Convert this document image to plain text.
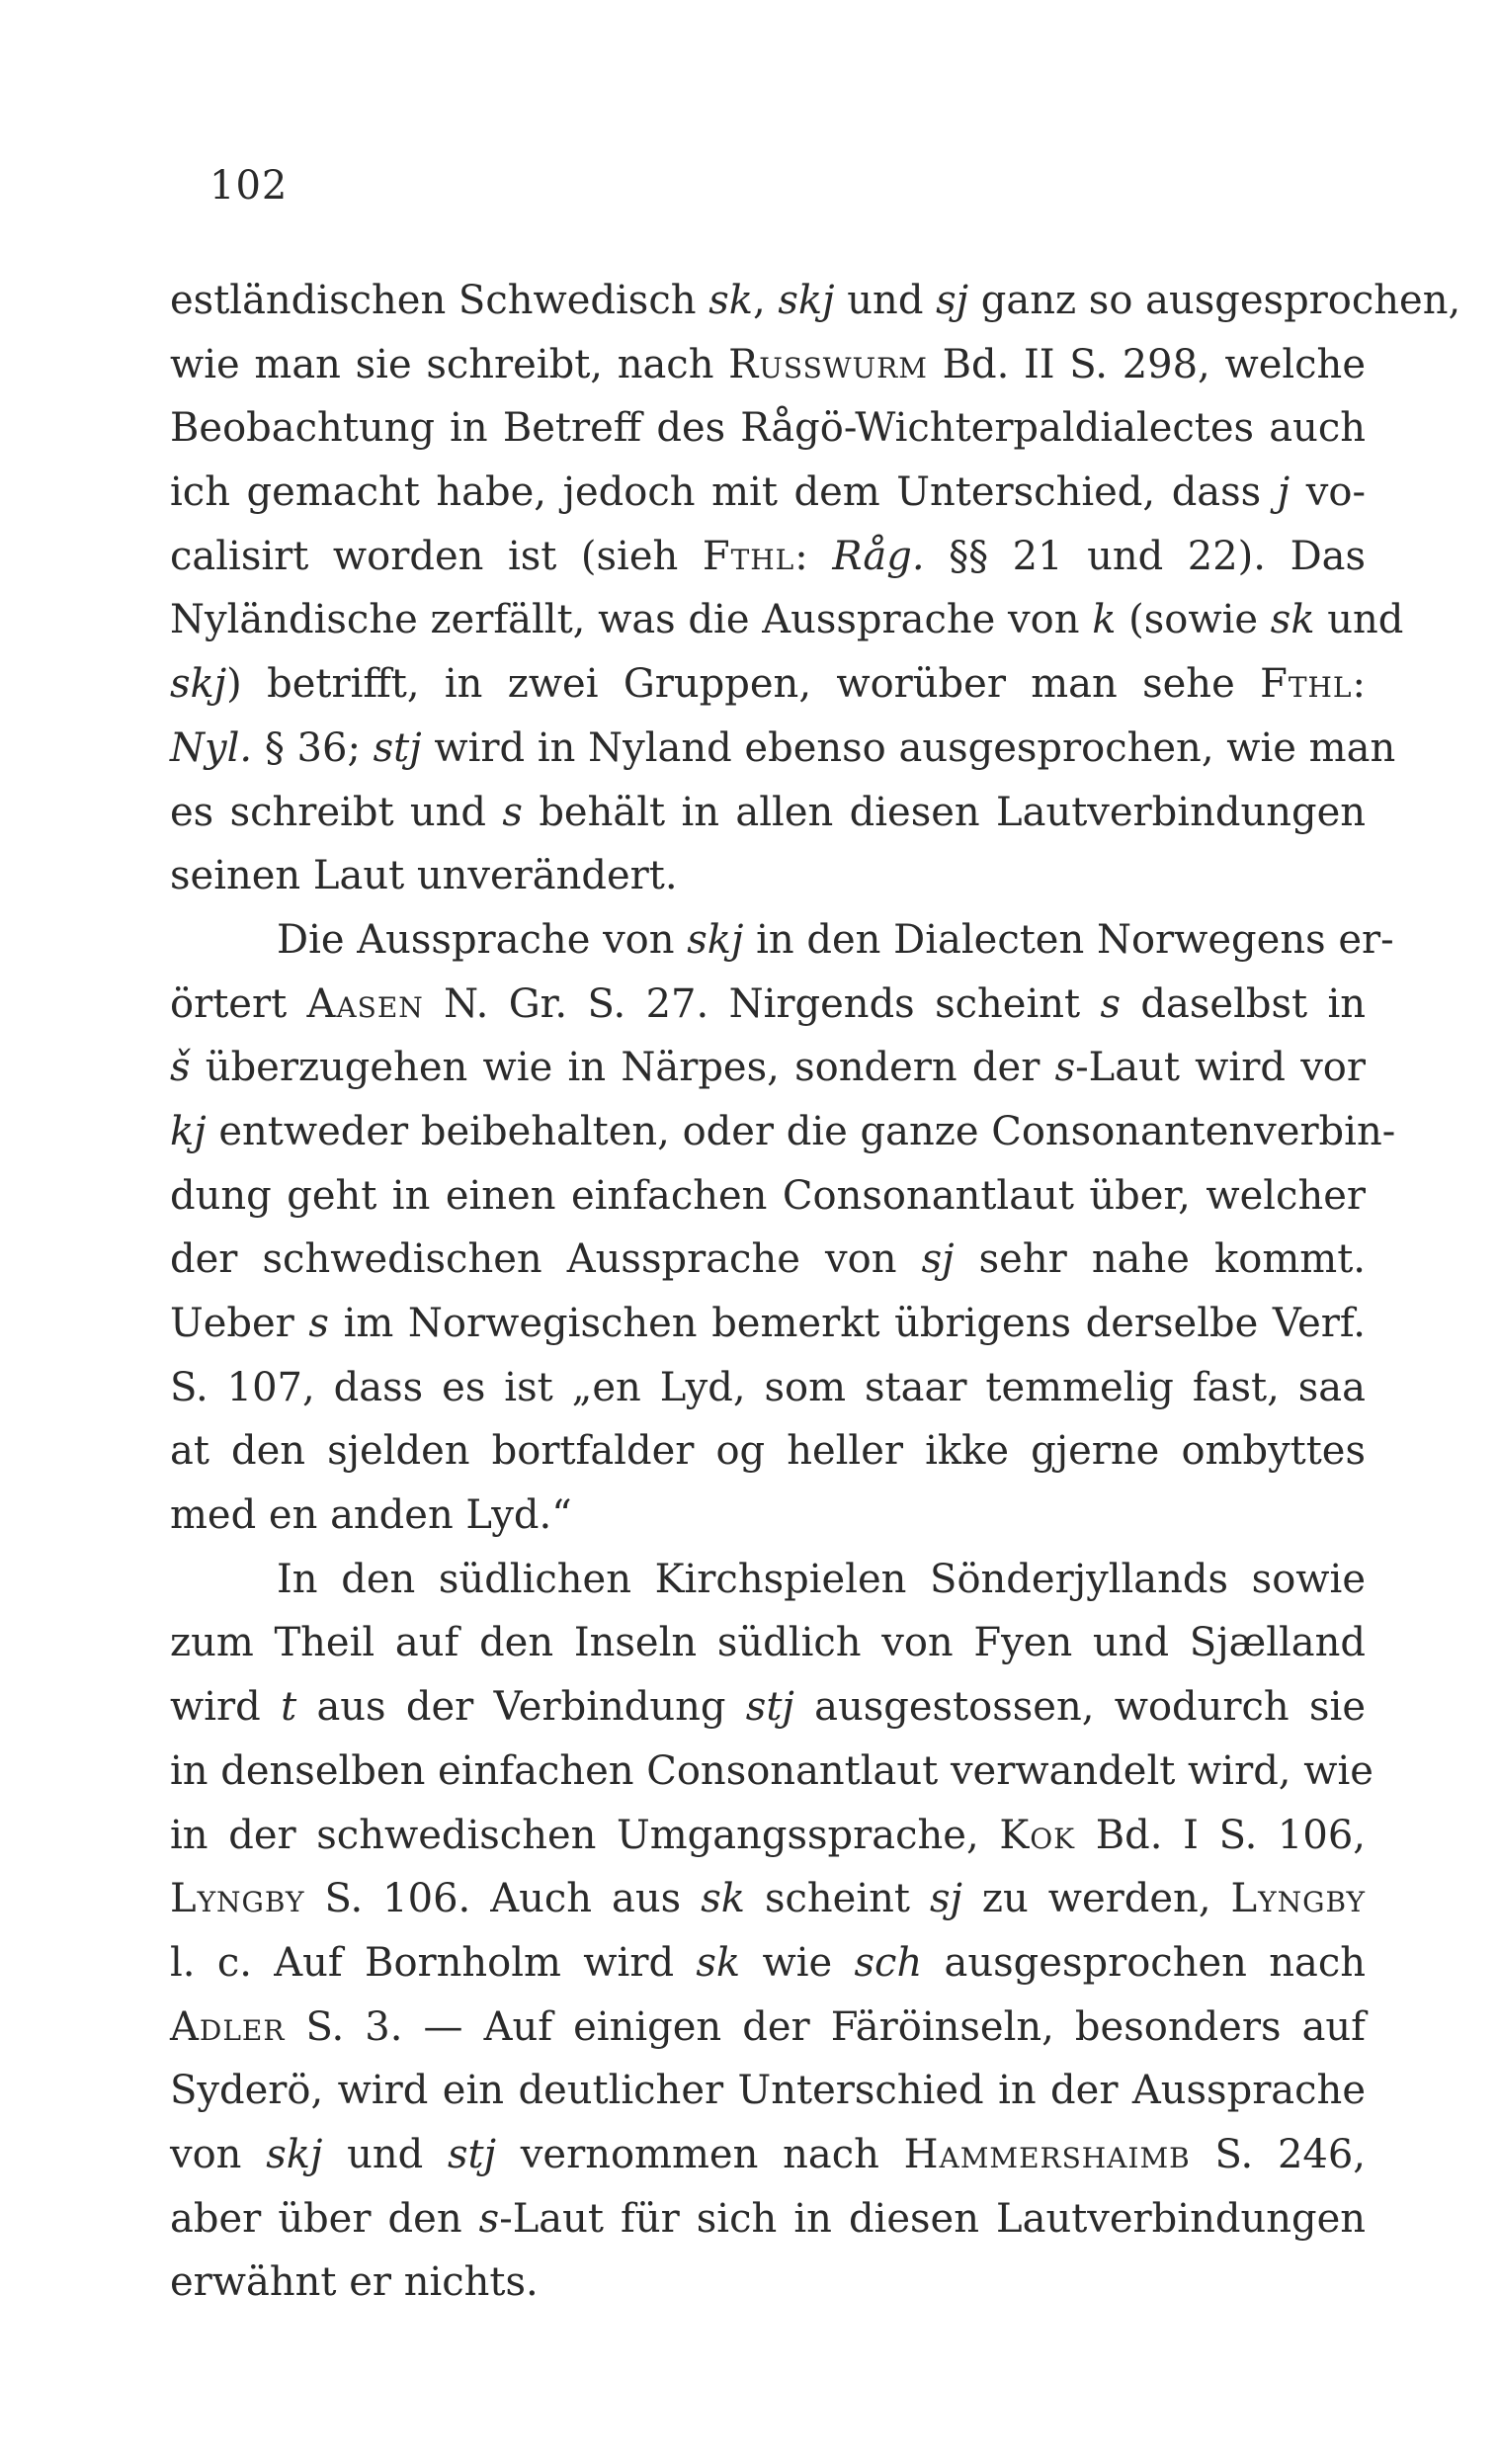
102
estländischen Schwedisch sk, skj und sj ganz so ausgesprochen,
wie man sie schreibt, nach Russwurm Bd. II S. 298, welche
Beobachtung in Betreff des Rågö-Wichterpaldialectes auch
ich gemacht habe, jedoch mit dem Unterschied, dass j vo-
calisirt worden ist (sieh Fthl: Råg. §§ 21 und 22). Das
Nyländische zerfällt, was die Aussprache von k (sowie sk und
skj) betrifft, in zwei Gruppen, worüber man sehe Fthl:
Nyl. § 36; stj wird in Nyland ebenso ausgesprochen, wie man
es schreibt und s behält in allen diesen Lautverbindungen
seinen Laut unverändert.
Die Aussprache von skj in den Dialecten Norwegens er-
örtert Aasen N. Gr. S. 27. Nirgends scheint s daselbst in
š überzugehen wie in Närpes, sondern der s-Laut wird vor
kj entweder beibehalten, oder die ganze Consonantenverbin-
dung geht in einen einfachen Consonantlaut über, welcher
der schwedischen Aussprache von sj sehr nahe kommt.
Ueber s im Norwegischen bemerkt übrigens derselbe Verf.
S. 107, dass es ist „en Lyd, som staar temmelig fast, saa
at den sjelden bortfalder og heller ikke gjerne ombyttes
med en anden Lyd.“
In den südlichen Kirchspielen Sönderjyllands sowie
zum Theil auf den Inseln südlich von Fyen und Sjælland
wird t aus der Verbindung stj ausgestossen, wodurch sie
in denselben einfachen Consonantlaut verwandelt wird, wie
in der schwedischen Umgangssprache, Kok Bd. I S. 106,
Lyngby S. 106. Auch aus sk scheint sj zu werden, Lyngby
l. c. Auf Bornholm wird sk wie sch ausgesprochen nach
Adler S. 3. — Auf einigen der Färöinseln, besonders auf
Syderö, wird ein deutlicher Unterschied in der Aussprache
von skj und stj vernommen nach Hammershaimb S. 246,
aber über den s-Laut für sich in diesen Lautverbindungen
erwähnt er nichts.
